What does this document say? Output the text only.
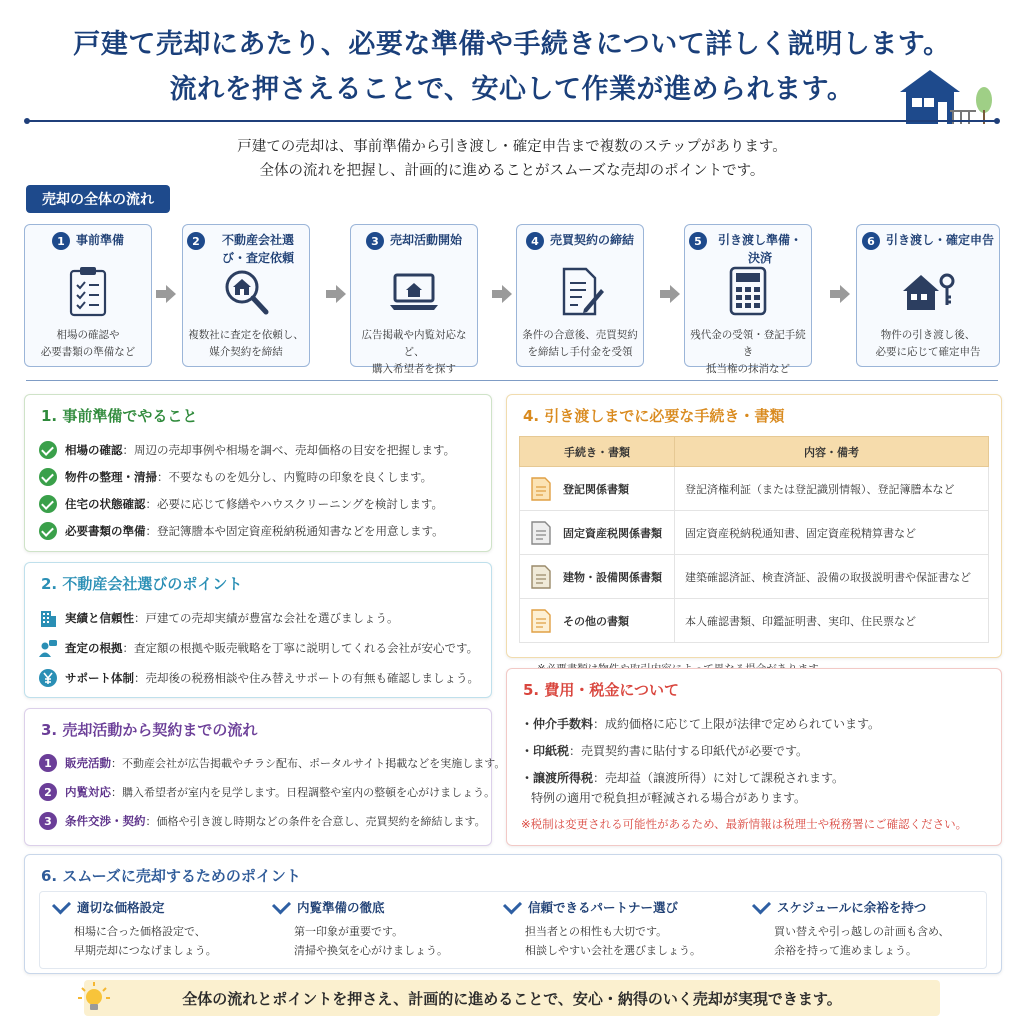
戸建て売却にあたり、必要な準備や手続きについて詳しく説明します。
流れを押さえることで、安心して作業が進められます。
戸建ての売却は、事前準備から引き渡し・確定申告まで複数のステップがあります。
全体の流れを把握し、計画的に進めることがスムーズな売却のポイントです。
売却の全体の流れ
1 事前準備
相場の確認や
必要書類の準備など
2	不動産会社選び・査定依頼
複数社に査定を依頼し、
媒介契約を締結
3 売却活動開始
広告掲載や内覧対応など、
購入希望者を探す
4 売買契約の締結
条件の合意後、売買契約
を締結し手付金を受領
5	引き渡し準備・決済
残代金の受領・登記手続き
抵当権の抹消など
6 引き渡し・確定申告
物件の引き渡し後、
必要に応じて確定申告
1. 事前準備でやること
相場の確認 ：周辺の売却事例や相場を調べ、売却価格の目安を把握します。
物件の整理・清掃 ：不要なものを処分し、内覧時の印象を良くします。
住宅の状態確認 ：必要に応じて修繕やハウスクリーニングを検討します。
必要書類の準備 ：登記簿謄本や固定資産税納税通知書などを用意します。
2. 不動産会社選びのポイント
実績と信頼性 ：戸建ての売却実績が豊富な会社を選びましょう。
査定の根拠 ：査定額の根拠や販売戦略を丁寧に説明してくれる会社が安心です。
サポート体制 ：売却後の税務相談や住み替えサポートの有無も確認しましょう。
3. 売却活動から契約までの流れ
1	販売活動 ：不動産会社が広告掲載やチラシ配布、ポータルサイト掲載などを実施します。
2	内覧対応 ：購入希望者が室内を見学します。日程調整や室内の整頓を心がけましょう。
3	条件交渉・契約 ：価格や引き渡し時期などの条件を合意し、売買契約を締結します。
4. 引き渡しまでに必要な手続き・書類
手続き・書類	内容・備考

登記関係書類	登記済権利証（または登記識別情報）、登記簿謄本など

固定資産税関係書類	固定資産税納税通知書、固定資産税精算書など

建物・設備関係書類	建築確認済証、検査済証、設備の取扱説明書や保証書など

その他の書類	本人確認書類、印鑑証明書、実印、住民票など
5. 費用・税金について
・仲介手数料：成約価格に応じて上限が法律で定められています。
・印紙税：売買契約書に貼付する印紙代が必要です。
・譲渡所得税：売却益（譲渡所得）に対して課税されます。
特例の適用で税負担が軽減される場合があります。
※税制は変更される可能性があるため、最新情報は税理士や税務署にご確認ください。
6. スムーズに売却するためのポイント
適切な価格設定
相場に合った価格設定で、
早期売却につなげましょう。
内覧準備の徹底
第一印象が重要です。
清掃や換気を心がけましょう。
信頼できるパートナー選び
担当者との相性も大切です。
相談しやすい会社を選びましょう。
スケジュールに余裕を持つ
買い替えや引っ越しの計画も含め、
余裕を持って進めましょう。
全体の流れとポイントを押さえ、計画的に進めることで、安心・納得のいく売却が実現できます。
